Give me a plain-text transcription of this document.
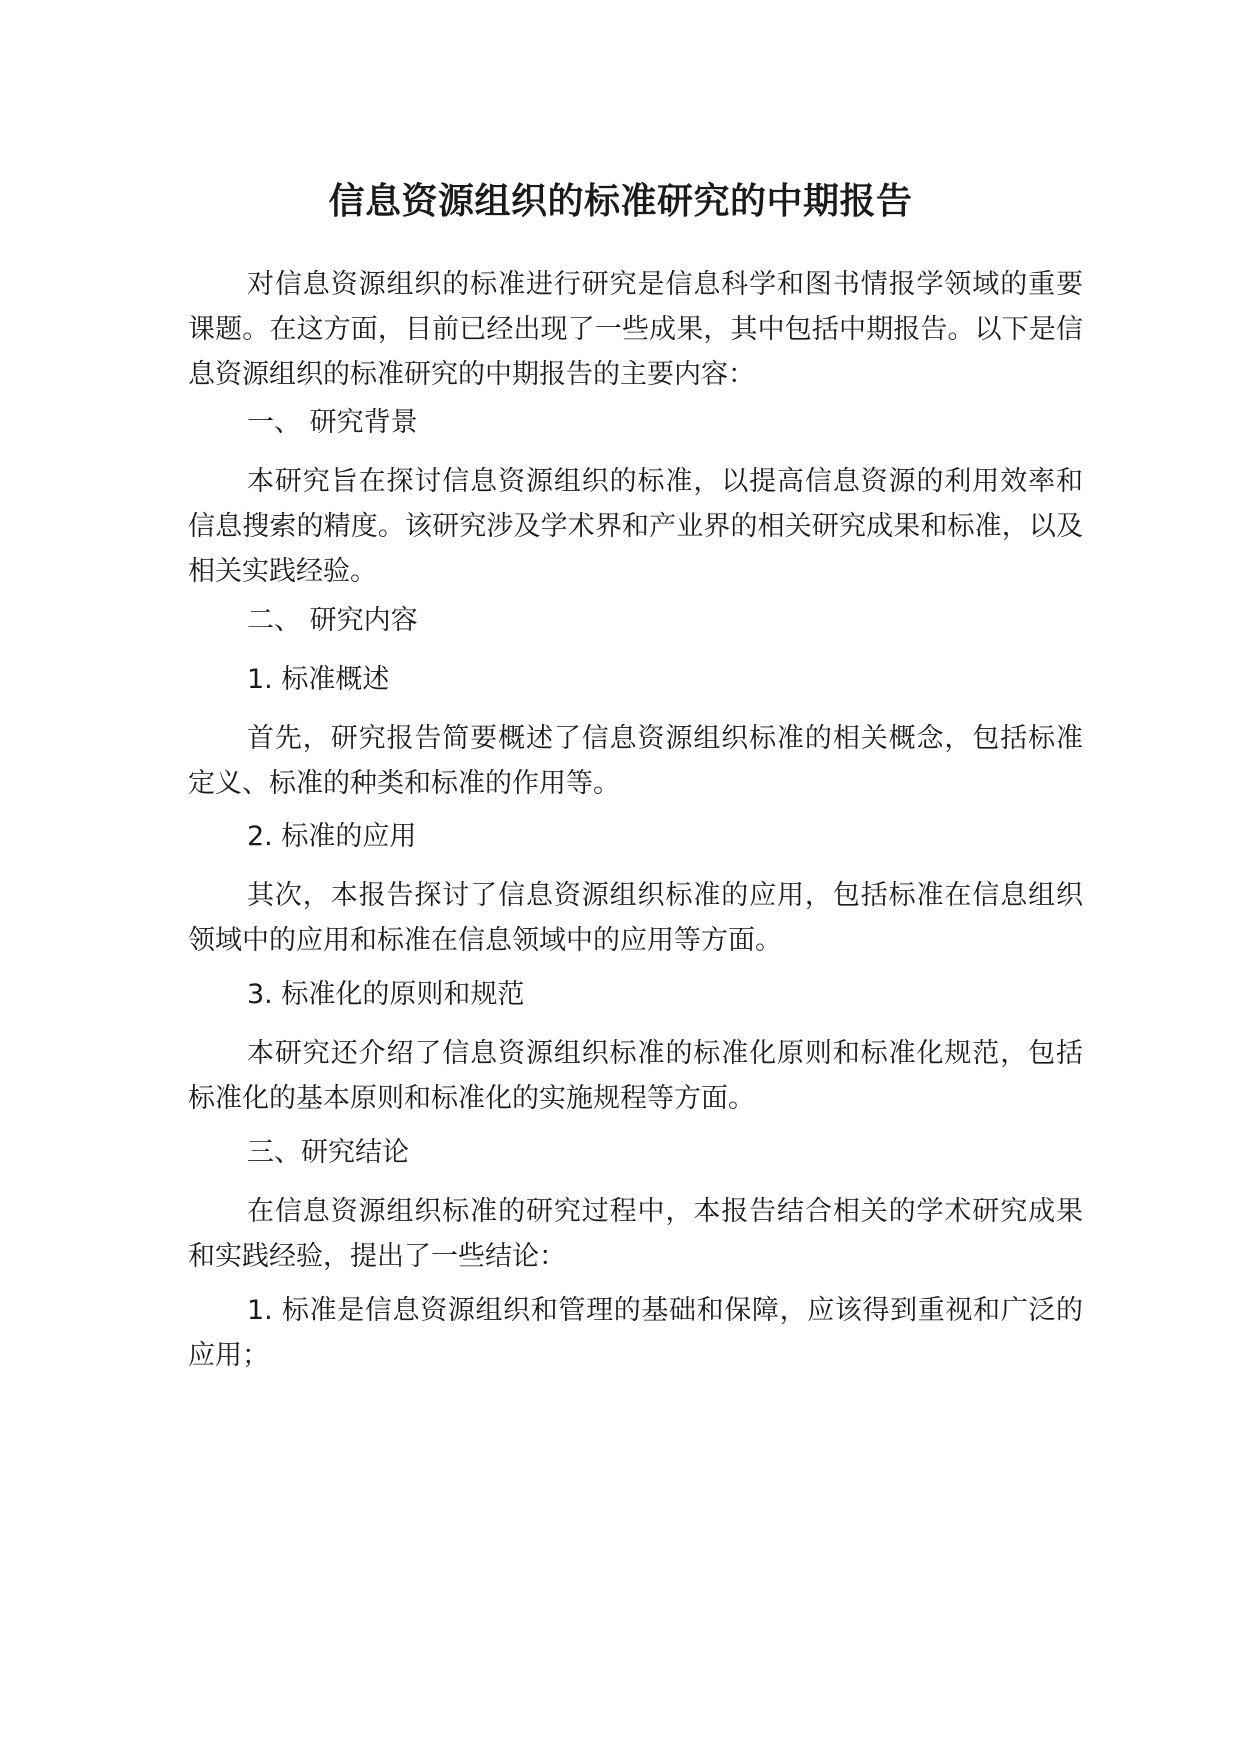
信息资源组织的标准研究的中期报告

对信息资源组织的标准进行研究是信息科学和图书情报学领域的重要课题。在这方面，目前已经出现了一些成果，其中包括中期报告。以下是信息资源组织的标准研究的中期报告的主要内容：

一、 研究背景

本研究旨在探讨信息资源组织的标准，以提高信息资源的利用效率和信息搜索的精度。该研究涉及学术界和产业界的相关研究成果和标准，以及相关实践经验。

二、 研究内容

1. 标准概述

首先，研究报告简要概述了信息资源组织标准的相关概念，包括标准定义、标准的种类和标准的作用等。

2. 标准的应用

其次，本报告探讨了信息资源组织标准的应用，包括标准在信息组织领域中的应用和标准在信息领域中的应用等方面。

3. 标准化的原则和规范

本研究还介绍了信息资源组织标准的标准化原则和标准化规范，包括标准化的基本原则和标准化的实施规程等方面。

三、研究结论

在信息资源组织标准的研究过程中，本报告结合相关的学术研究成果和实践经验，提出了一些结论：

1. 标准是信息资源组织和管理的基础和保障，应该得到重视和广泛的应用；
